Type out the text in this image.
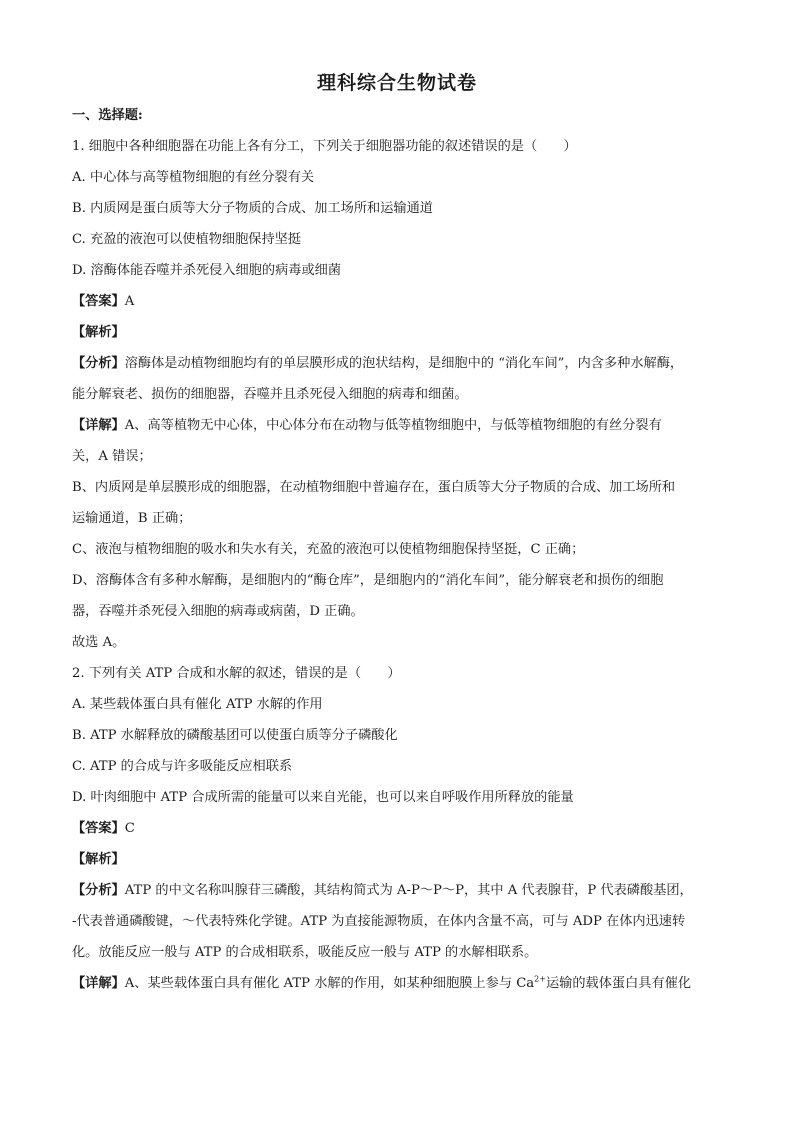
理科综合生物试卷
一、选择题:
1. 细胞中各种细胞器在功能上各有分工，下列关于细胞器功能的叙述错误的是（　　）
A. 中心体与高等植物细胞的有丝分裂有关
B. 内质网是蛋白质等大分子物质的合成、加工场所和运输通道
C. 充盈的液泡可以使植物细胞保持坚挺
D. 溶酶体能吞噬并杀死侵入细胞的病毒或细菌
【答案】A
【解析】
【分析】溶酶体是动植物细胞均有的单层膜形成的泡状结构，是细胞中的 “消化车间”，内含多种水解酶，
能分解衰老、损伤的细胞器，吞噬并且杀死侵入细胞的病毒和细菌。
【详解】A、高等植物无中心体，中心体分布在动物与低等植物细胞中，与低等植物细胞的有丝分裂有
关，A 错误；
B、内质网是单层膜形成的细胞器，在动植物细胞中普遍存在，蛋白质等大分子物质的合成、加工场所和
运输通道，B 正确；
C、液泡与植物细胞的吸水和失水有关，充盈的液泡可以使植物细胞保持坚挺，C 正确；
D、溶酶体含有多种水解酶，是细胞内的“酶仓库”，是细胞内的“消化车间”，能分解衰老和损伤的细胞
器，吞噬并杀死侵入细胞的病毒或病菌，D 正确。
故选 A。
2. 下列有关 ATP 合成和水解的叙述，错误的是（　　）
A. 某些载体蛋白具有催化 ATP 水解的作用
B. ATP 水解释放的磷酸基团可以使蛋白质等分子磷酸化
C. ATP 的合成与许多吸能反应相联系
D. 叶肉细胞中 ATP 合成所需的能量可以来自光能，也可以来自呼吸作用所释放的能量
【答案】C
【解析】
【分析】ATP 的中文名称叫腺苷三磷酸，其结构简式为 A-P～P～P，其中 A 代表腺苷，P 代表磷酸基团，
-代表普通磷酸键，～代表特殊化学键。ATP 为直接能源物质，在体内含量不高，可与 ADP 在体内迅速转
化。放能反应一般与 ATP 的合成相联系，吸能反应一般与 ATP 的水解相联系。
【详解】A、某些载体蛋白具有催化 ATP 水解的作用，如某种细胞膜上参与 $Ca^{2+}$运输的载体蛋白具有催化
